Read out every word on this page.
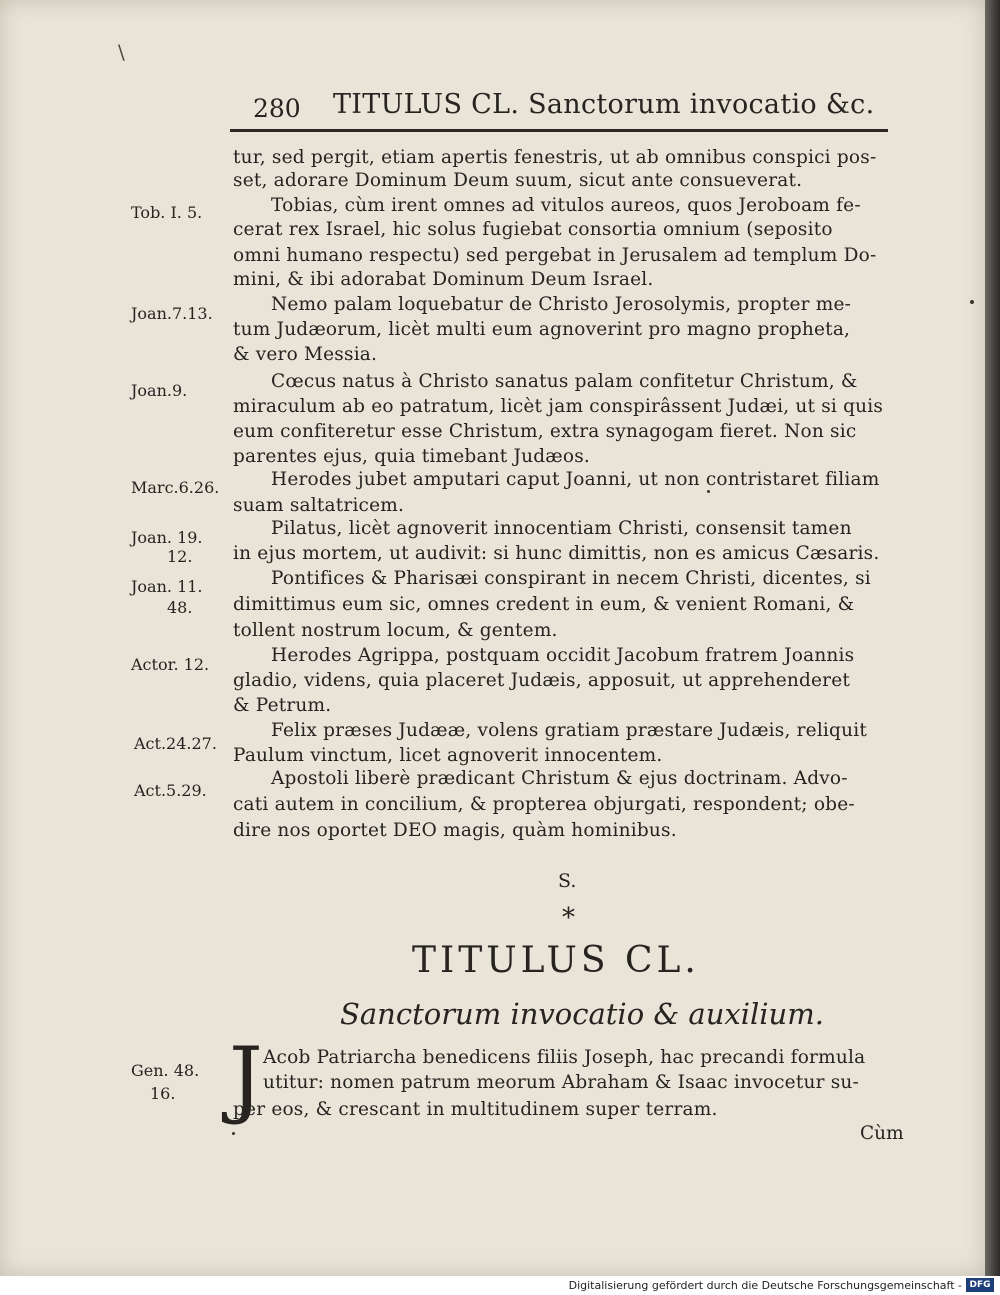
\
280 TITULUS CL. Sanctorum invocatio &c.
tur, sed pergit, etiam apertis fenestris, ut ab omnibus conspici pos-
set, adorare Dominum Deum suum, sicut ante consueverat.
Tob. I. 5.	Tobias, cùm irent omnes ad vitulos aureos, quos Jeroboam fe-
cerat rex Israel, hic solus fugiebat consortia omnium (seposito
omni humano respectu) sed pergebat in Jerusalem ad templum Do-
mini, & ibi adorabat Dominum Deum Israel.
Joan.7.13.	Nemo palam loquebatur de Christo Jerosolymis, propter me-
tum Judæorum, licèt multi eum agnoverint pro magno propheta,
& vero Messia.
Joan.9.	Cœcus natus à Christo sanatus palam confitetur Christum, &
miraculum ab eo patratum, licèt jam conspirâssent Judæi, ut si quis
eum confiteretur esse Christum, extra synagogam fieret. Non sic
parentes ejus, quia timebant Judæos.
Marc.6.26.	Herodes jubet amputari caput Joanni, ut non contristaret filiam
suam saltatricem.
Joan. 19.
12.
Pilatus, licèt agnoverit innocentiam Christi, consensit tamen
in ejus mortem, ut audivit: si hunc dimittis, non es amicus Cæsaris.
Joan. 11.
48.
Pontifices & Pharisæi conspirant in necem Christi, dicentes, si
dimittimus eum sic, omnes credent in eum, & venient Romani, &
tollent nostrum locum, & gentem.
Actor. 12.	Herodes Agrippa, postquam occidit Jacobum fratrem Joannis
gladio, videns, quia placeret Judæis, apposuit, ut apprehenderet
& Petrum.
Act.24.27.
Felix præses Judææ, volens gratiam præstare Judæis, reliquit
Paulum vinctum, licet agnoverit innocentem.
Act.5.29.
Apostoli liberè prædicant Christum & ejus doctrinam. Advo-
cati autem in concilium, & propterea objurgati, respondent; obe-
dire nos oportet DEO magis, quàm hominibus.
S.
*
TITULUS CL.
Sanctorum invocatio & auxilium.
Gen. 48.
16. J Acob Patriarcha benedicens filiis Joseph, hac precandi formula
utitur: nomen patrum meorum Abraham & Isaac invocetur su-
per eos, & crescant in multitudinem super terram.
Cùm
Digitalisierung gefördert durch die Deutsche Forschungsgemeinschaft - DFG
